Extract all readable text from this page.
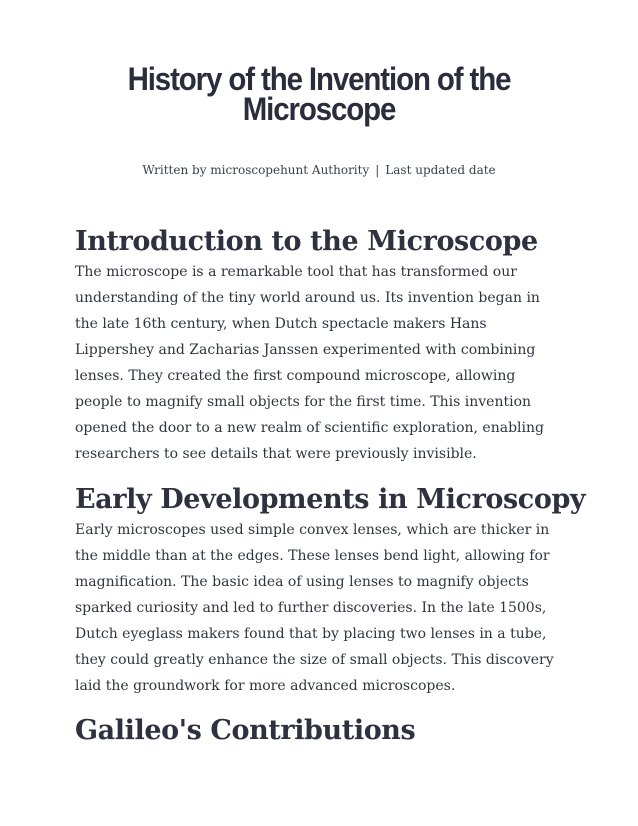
History of the Invention of the Microscope
Written by microscopehunt Authority | Last updated date
Introduction to the Microscope

The microscope is a remarkable tool that has transformed our understanding of the tiny world around us. Its invention began in the late 16th century, when Dutch spectacle makers Hans Lippershey and Zacharias Janssen experimented with combining lenses. They created the first compound microscope, allowing people to magnify small objects for the first time. This invention opened the door to a new realm of scientific exploration, enabling researchers to see details that were previously invisible.

Early Developments in Microscopy

Early microscopes used simple convex lenses, which are thicker in the middle than at the edges. These lenses bend light, allowing for magnification. The basic idea of using lenses to magnify objects sparked curiosity and led to further discoveries. In the late 1500s, Dutch eyeglass makers found that by placing two lenses in a tube, they could greatly enhance the size of small objects. This discovery laid the groundwork for more advanced microscopes.

Galileo's Contributions
